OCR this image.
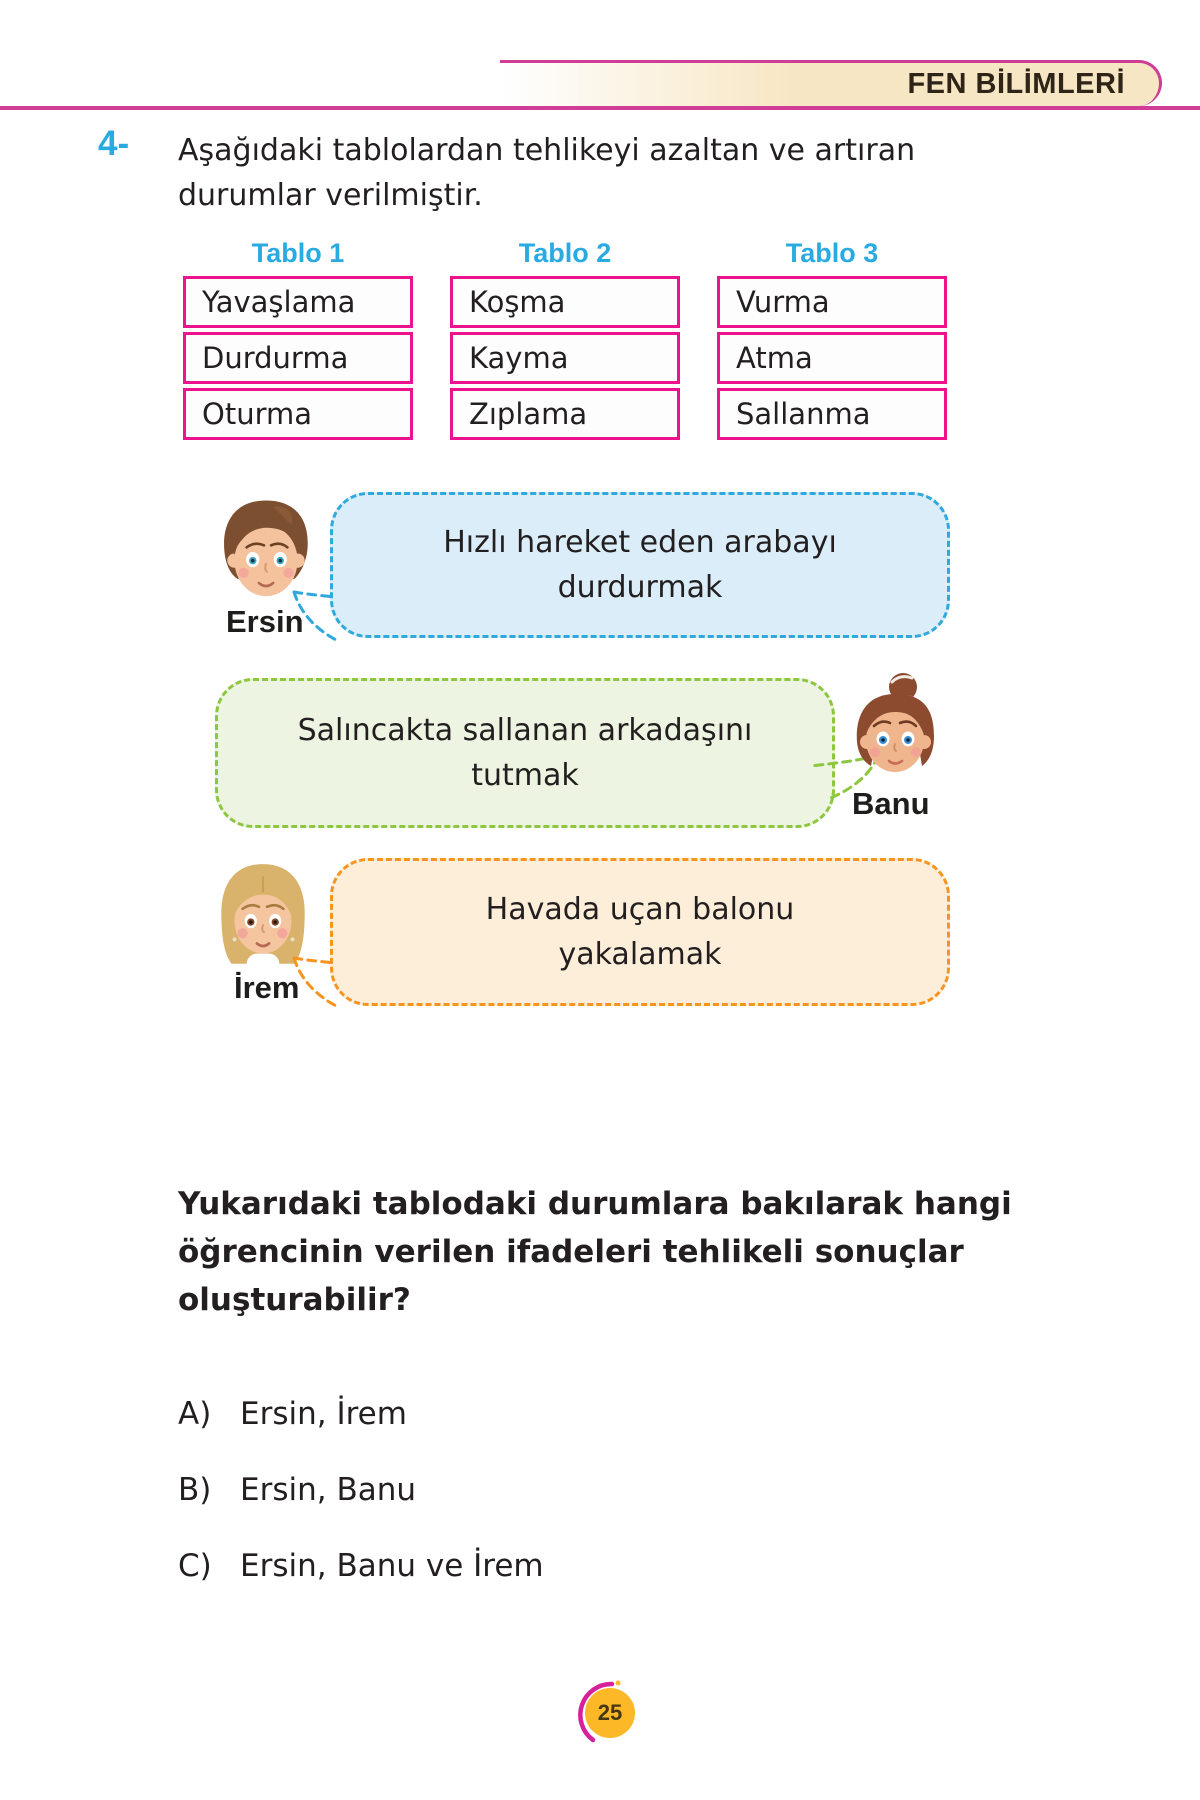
FEN BİLİMLERİ
4- Aşağıdaki tablolardan tehlikeyi azaltan ve artıran durumlar verilmiştir.
Tablo 1
Yavaşlama
Durdurma
Oturma
Tablo 2
Koşma
Kayma
Zıplama
Tablo 3
Vurma
Atma
Sallanma
Hızlı hareket eden arabayı
durdurmak
Ersin
Salıncakta sallanan arkadaşını
tutmak
Banu
Havada uçan balonu
yakalamak
İrem
Yukarıdaki tablodaki durumlara bakılarak hangi öğrencinin verilen ifadeleri tehlikeli sonuçlar oluşturabilir?
A) Ersin, İrem
B) Ersin, Banu
C) Ersin, Banu ve İrem
25
